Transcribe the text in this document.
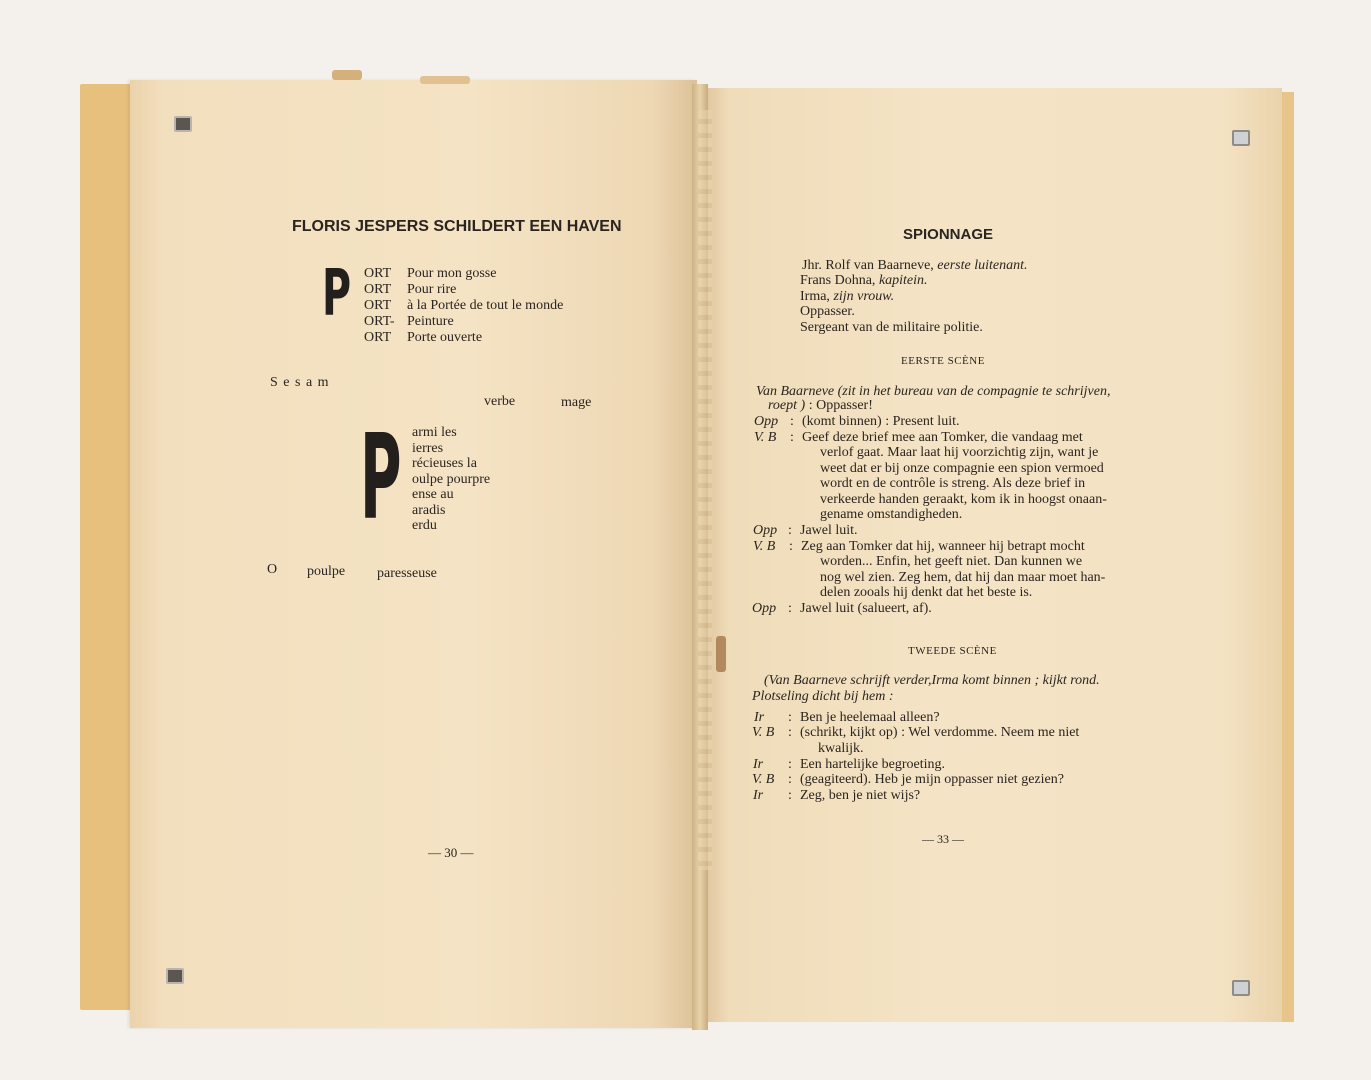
FLORIS JESPERS SCHILDERT EEN HAVEN
P ORT Pour mon gosse
ORT Pour rire
ORT à la Portée de tout le monde
ORT- Peinture
ORT Porte ouverte
S e s a m
verbe	mage
P armi les
ierres
récieuses la
oulpe pourpre
ense au
aradis
erdu
O poulpe paresseuse
— 30 —
SPIONNAGE
Jhr. Rolf van Baarneve, eerste luitenant.
Frans Dohna, kapitein.
Irma, zijn vrouw.
Oppasser.
Sergeant van de militaire politie.
EERSTE SCÈNE
Van Baarneve (zit in het bureau van de compagnie te schrijven,
roept ) : Oppasser!
Opp : (komt binnen) : Present luit.
V. B : Geef deze brief mee aan Tomker, die vandaag met
verlof gaat. Maar laat hij voorzichtig zijn, want je
weet dat er bij onze compagnie een spion vermoed
wordt en de contrôle is streng. Als deze brief in
verkeerde handen geraakt, kom ik in hoogst onaan-
gename omstandigheden.
Opp : Jawel luit.
V. B : Zeg aan Tomker dat hij, wanneer hij betrapt mocht
worden... Enfin, het geeft niet. Dan kunnen we
nog wel zien. Zeg hem, dat hij dan maar moet han-
delen zooals hij denkt dat het beste is.
Opp : Jawel luit (salueert, af).
TWEEDE SCÈNE
(Van Baarneve schrijft verder,Irma komt binnen ; kijkt rond.
Plotseling dicht bij hem :
Ir : Ben je heelemaal alleen?
V. B : (schrikt, kijkt op) : Wel verdomme. Neem me niet
kwalijk.
Ir : Een hartelijke begroeting.
V. B : (geagiteerd). Heb je mijn oppasser niet gezien?
Ir : Zeg, ben je niet wijs?
— 33 —
